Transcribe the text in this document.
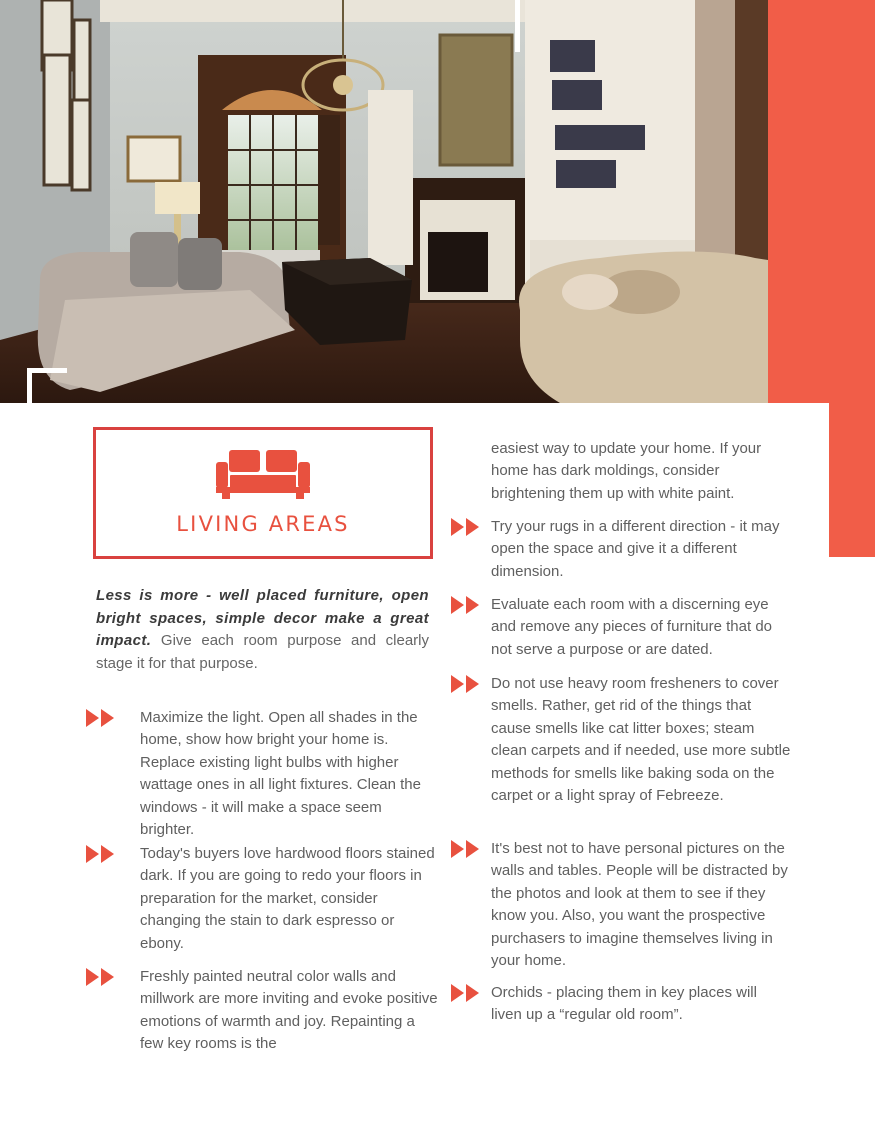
LIVING AREAS
Less is more - well placed furniture, open bright spaces, simple decor make a great impact. Give each room purpose and clearly stage it for that purpose.
Maximize the light. Open all shades in the home, show how bright your home is. Replace existing light bulbs with higher wattage ones in all light fixtures. Clean the windows - it will make a space seem brighter.
Today's buyers love hardwood floors stained dark. If you are going to redo your floors in preparation for the market, consider changing the stain to dark espresso or ebony.
Freshly painted neutral color walls and millwork are more inviting and evoke positive emotions of warmth and joy. Repainting a few key rooms is the
easiest way to update your home. If your home has dark moldings, consider brightening them up with white paint.
Try your rugs in a different direction - it may open the space and give it a different dimension.
Evaluate each room with a discerning eye and remove any pieces of furniture that do not serve a purpose or are dated.
Do not use heavy room fresheners to cover smells. Rather, get rid of the things that cause smells like cat litter boxes; steam clean carpets and if needed, use more subtle methods for smells like baking soda on the carpet or a light spray of Febreeze.
It's best not to have personal pictures on the walls and tables. People will be distracted by the photos and look at them to see if they know you. Also, you want the prospective purchasers to imagine themselves living in your home.
Orchids - placing them in key places will liven up a “regular old room”.
